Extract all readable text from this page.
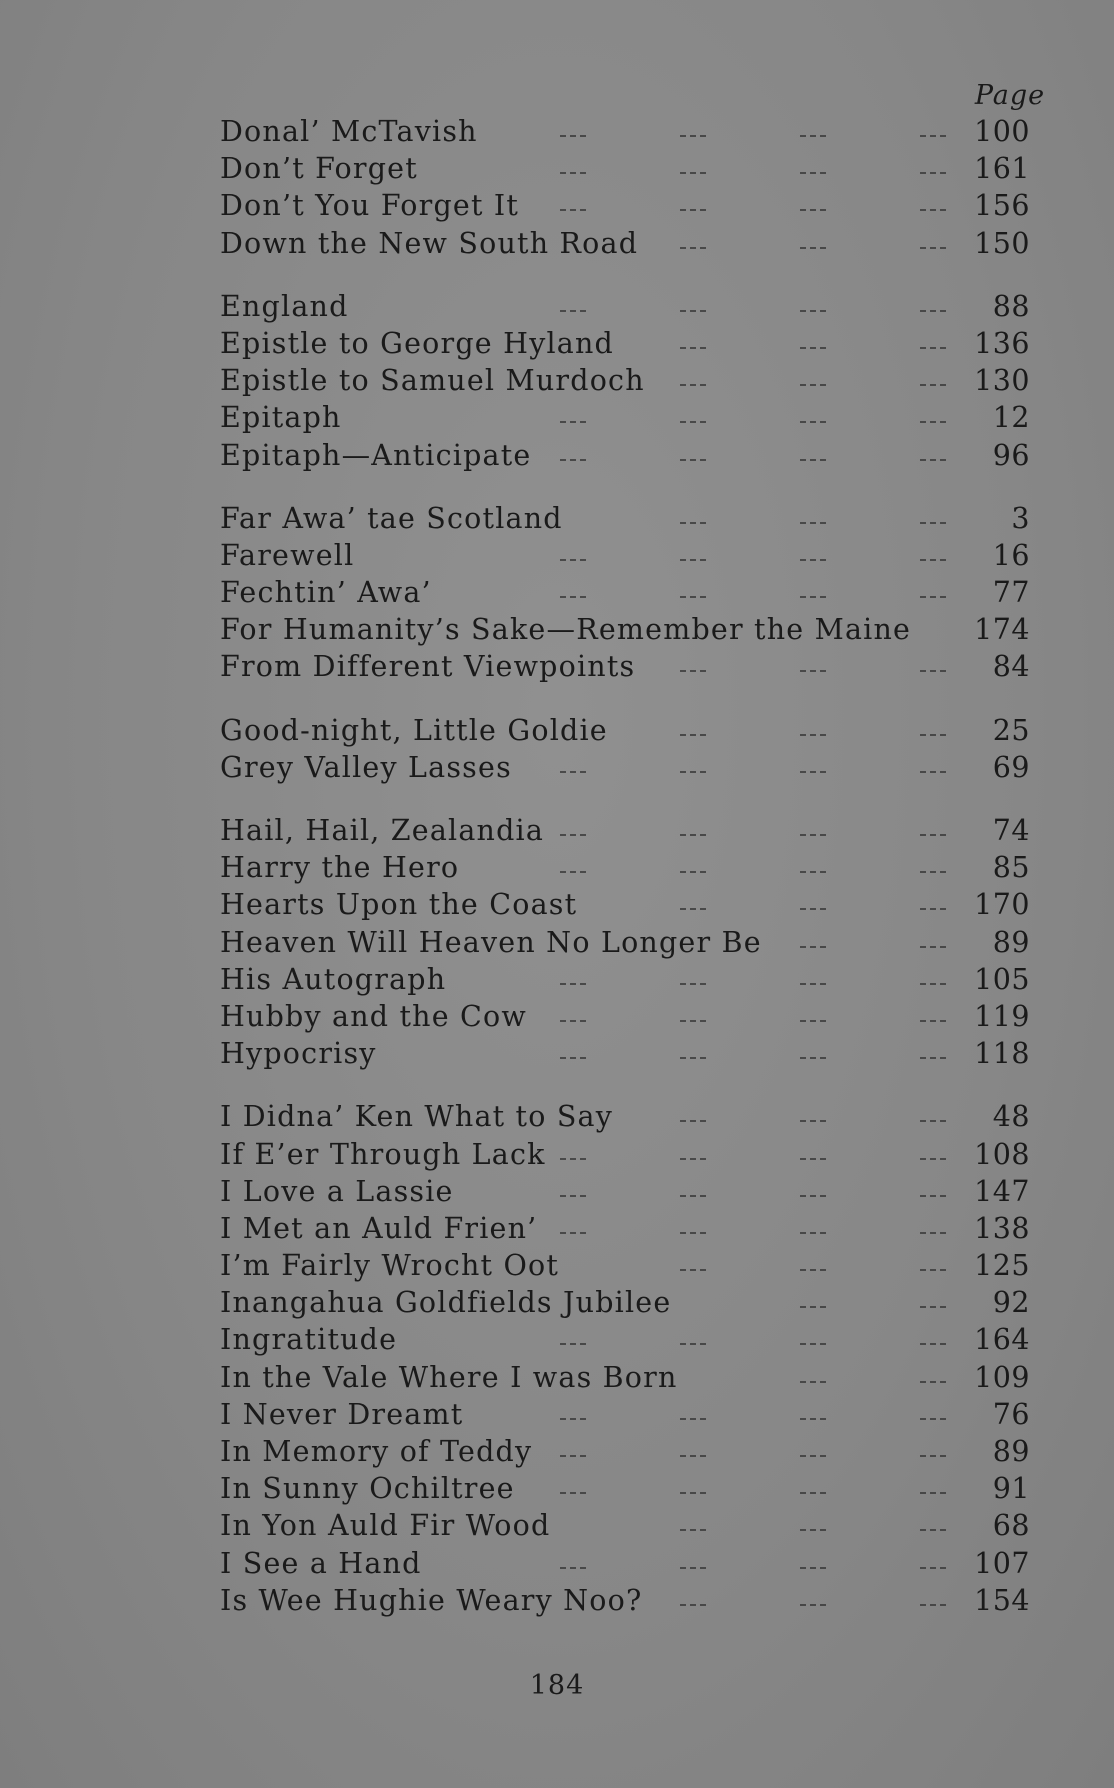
Page
Donal’ McTavish	100
Don’t Forget	161
Don’t You Forget It	156
Down the New South Road	150
England	88
Epistle to George Hyland	136
Epistle to Samuel Murdoch	130
Epitaph	12
Epitaph—Anticipate	96
Far Awa’ tae Scotland	3
Farewell	16
Fechtin’ Awa’	77
For Humanity’s Sake—Remember the Maine 174
From Different Viewpoints	84
Good-night, Little Goldie	25
Grey Valley Lasses	69
Hail, Hail, Zealandia	74
Harry the Hero	85
Hearts Upon the Coast	170
Heaven Will Heaven No Longer Be	89
His Autograph	105
Hubby and the Cow	119
Hypocrisy	118
I Didna’ Ken What to Say	48
If E’er Through Lack	108
I Love a Lassie	147
I Met an Auld Frien’	138
I’m Fairly Wrocht Oot	125
Inangahua Goldfields Jubilee	92
Ingratitude	164
In the Vale Where I was Born	109
I Never Dreamt	76
In Memory of Teddy	89
In Sunny Ochiltree	91
In Yon Auld Fir Wood	68
I See a Hand	107
Is Wee Hughie Weary Noo?	154
184
